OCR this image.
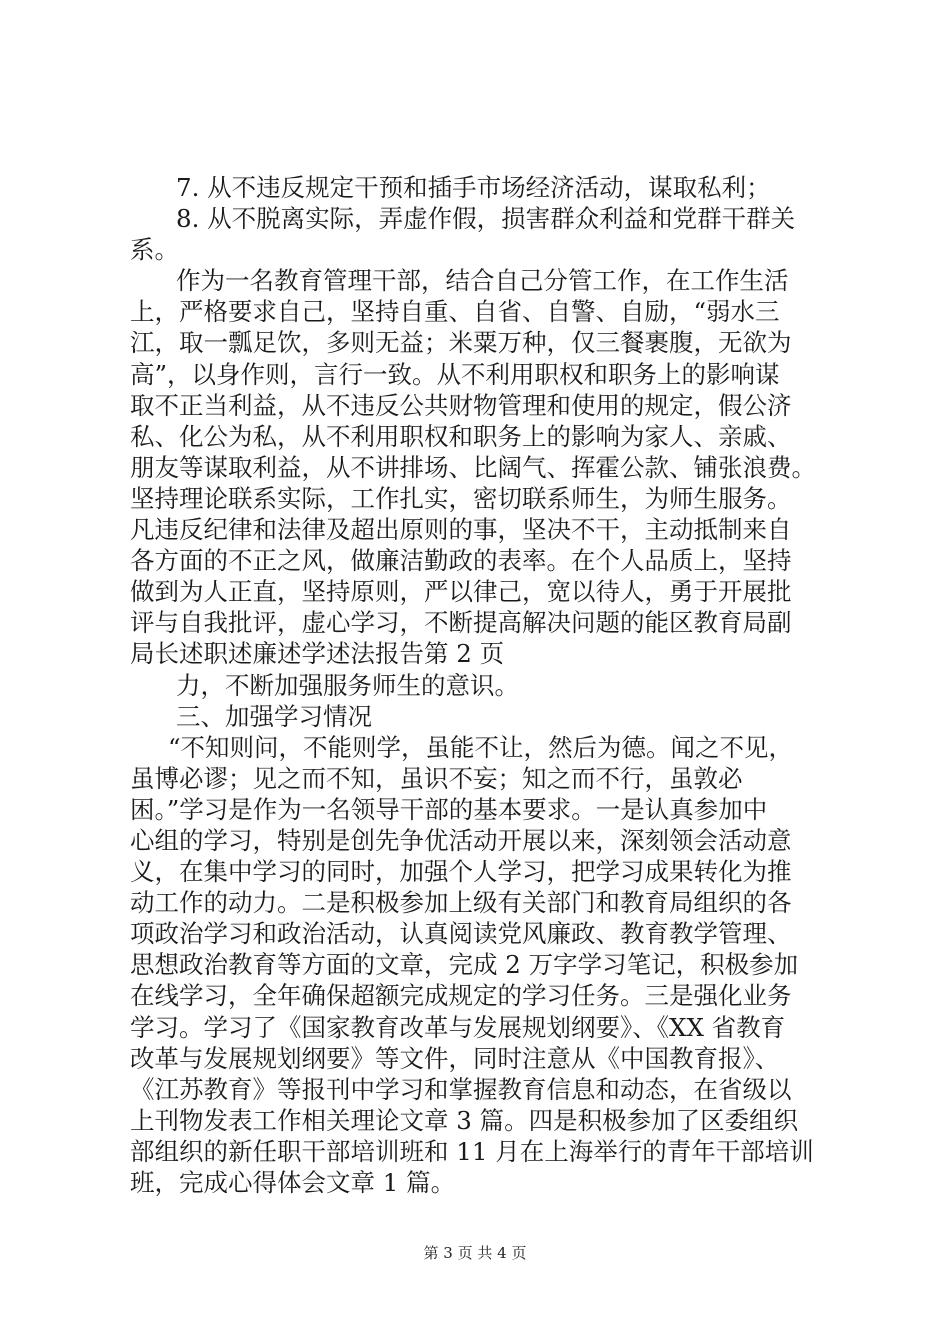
7. 从不违反规定干预和插手市场经济活动，谋取私利；
8. 从不脱离实际，弄虚作假，损害群众利益和党群干群关
系。
作为一名教育管理干部，结合自己分管工作，在工作生活
上，严格要求自己，坚持自重、自省、自警、自励，“弱水三
江，取一瓢足饮，多则无益；米粟万种，仅三餐裹腹，无欲为
高”，以身作则，言行一致。从不利用职权和职务上的影响谋
取不正当利益，从不违反公共财物管理和使用的规定，假公济
私、化公为私，从不利用职权和职务上的影响为家人、亲戚、
朋友等谋取利益，从不讲排场、比阔气、挥霍公款、铺张浪费。
坚持理论联系实际，工作扎实，密切联系师生，为师生服务。
凡违反纪律和法律及超出原则的事，坚决不干，主动抵制来自
各方面的不正之风，做廉洁勤政的表率。在个人品质上，坚持
做到为人正直，坚持原则，严以律己，宽以待人，勇于开展批
评与自我批评，虚心学习，不断提高解决问题的能区教育局副
局长述职述廉述学述法报告第 2 页
力，不断加强服务师生的意识。
三、加强学习情况
“不知则问，不能则学，虽能不让，然后为德。闻之不见，
虽博必谬；见之而不知，虽识不妄；知之而不行，虽敦必
困。”学习是作为一名领导干部的基本要求。一是认真参加中
心组的学习，特别是创先争优活动开展以来，深刻领会活动意
义，在集中学习的同时，加强个人学习，把学习成果转化为推
动工作的动力。二是积极参加上级有关部门和教育局组织的各
项政治学习和政治活动，认真阅读党风廉政、教育教学管理、
思想政治教育等方面的文章，完成 2 万字学习笔记，积极参加
在线学习，全年确保超额完成规定的学习任务。三是强化业务
学习。学习了《国家教育改革与发展规划纲要》、《XX 省教育
改革与发展规划纲要》等文件，同时注意从《中国教育报》、
《江苏教育》等报刊中学习和掌握教育信息和动态，在省级以
上刊物发表工作相关理论文章 3 篇。四是积极参加了区委组织
部组织的新任职干部培训班和 11 月在上海举行的青年干部培训
班，完成心得体会文章 1 篇。
第 3 页 共 4 页
